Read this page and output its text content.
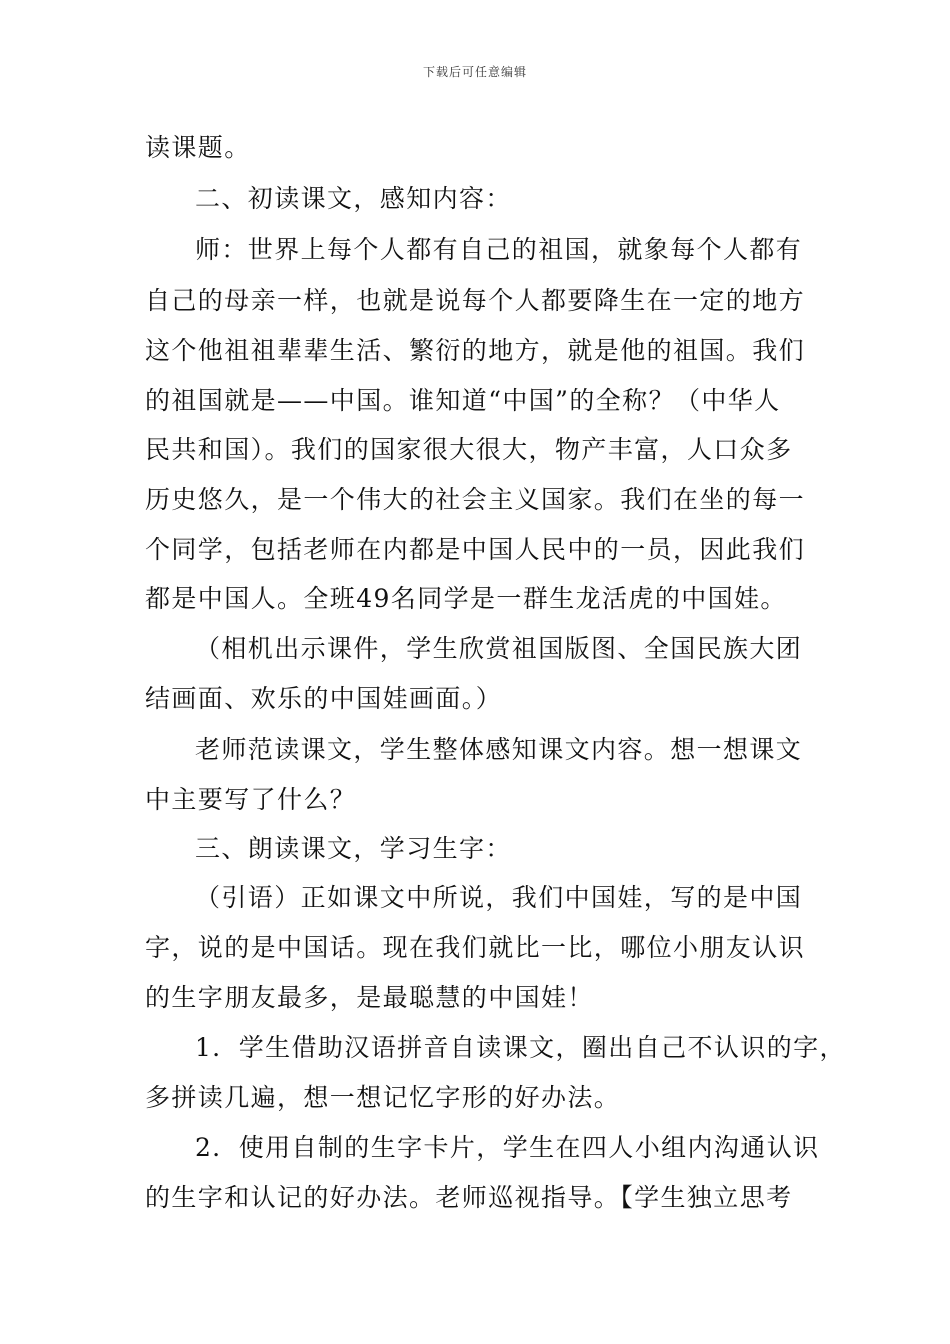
下载后可任意编辑
读课题。
二、初读课文，感知内容：
师：世界上每个人都有自己的祖国，就象每个人都有
自己的母亲一样，也就是说每个人都要降生在一定的地方
这个他祖祖辈辈生活、繁衍的地方，就是他的祖国。我们
的祖国就是——中国。谁知道“中国”的全称？（中华人
民共和国）。我们的国家很大很大，物产丰富，人口众多
历史悠久，是一个伟大的社会主义国家。我们在坐的每一
个同学，包括老师在内都是中国人民中的一员，因此我们
都是中国人。全班49名同学是一群生龙活虎的中国娃。
（相机出示课件，学生欣赏祖国版图、全国民族大团
结画面、欢乐的中国娃画面。）
老师范读课文，学生整体感知课文内容。想一想课文
中主要写了什么？
三、朗读课文，学习生字：
（引语）正如课文中所说，我们中国娃，写的是中国
字，说的是中国话。现在我们就比一比，哪位小朋友认识
的生字朋友最多，是最聪慧的中国娃！
1．学生借助汉语拼音自读课文，圈出自己不认识的字，
多拼读几遍，想一想记忆字形的好办法。
2．使用自制的生字卡片，学生在四人小组内沟通认识
的生字和认记的好办法。老师巡视指导。【学生独立思考
